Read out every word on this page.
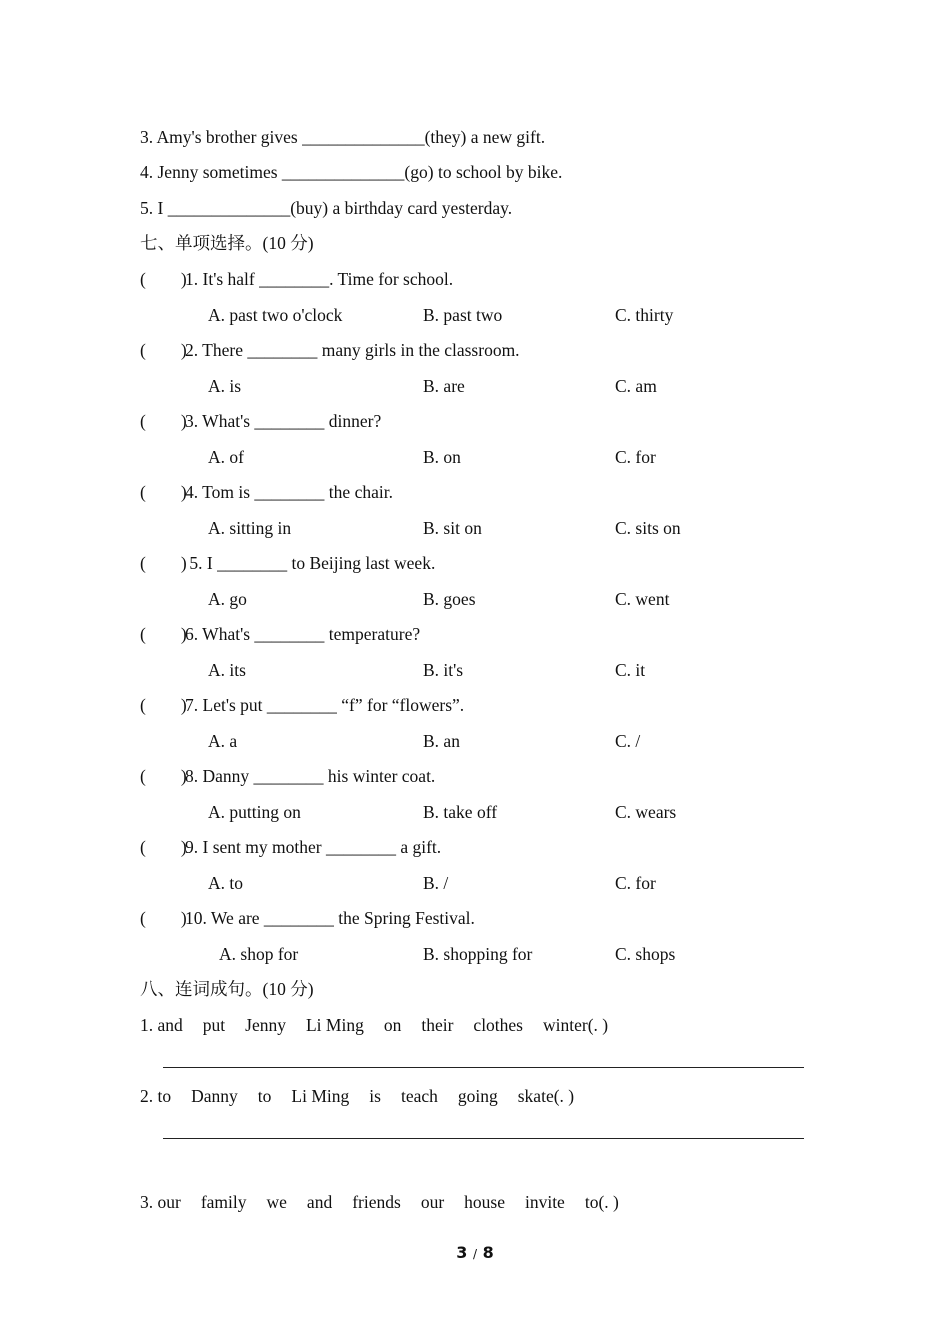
3. Amy's brother gives ______________(they) a new gift.
4. Jenny sometimes ______________(go) to school by bike.
5. I ______________(buy) a birthday card yesterday.
七、单项选择。(10 分)
(        )
1. It's half ________. Time for school.
A. past two o'clock	B. past two	C. thirty
(        )
2. There ________ many girls in the classroom.
A. is	B. are	C. am
(        )
3. What's ________ dinner?
A. of	B. on	C. for
(        )
4. Tom is ________ the chair.
A. sitting in	B. sit on	C. sits on
(        )
5. I ________ to Beijing last week.
A. go	B. goes	C. went
(        )
6. What's ________ temperature?
A. its	B. it's	C. it
(        )
7. Let's put ________ “f” for “flowers”.
A. a	B. an	C. /
(        )
8. Danny ________ his winter coat.
A. putting on	B. take off	C. wears
(        )
9. I sent my mother ________ a gift.
A. to	B. /	C. for
(        )
10. We are ________ the Spring Festival.
A. shop for	B. shopping for	C. shops
八、连词成句。(10 分)
1. and put Jenny Li Ming on their clothes winter(. )
2. to Danny to Li Ming is teach going skate(. )
3. our family we and friends our house invite to(. )
3 / 8
